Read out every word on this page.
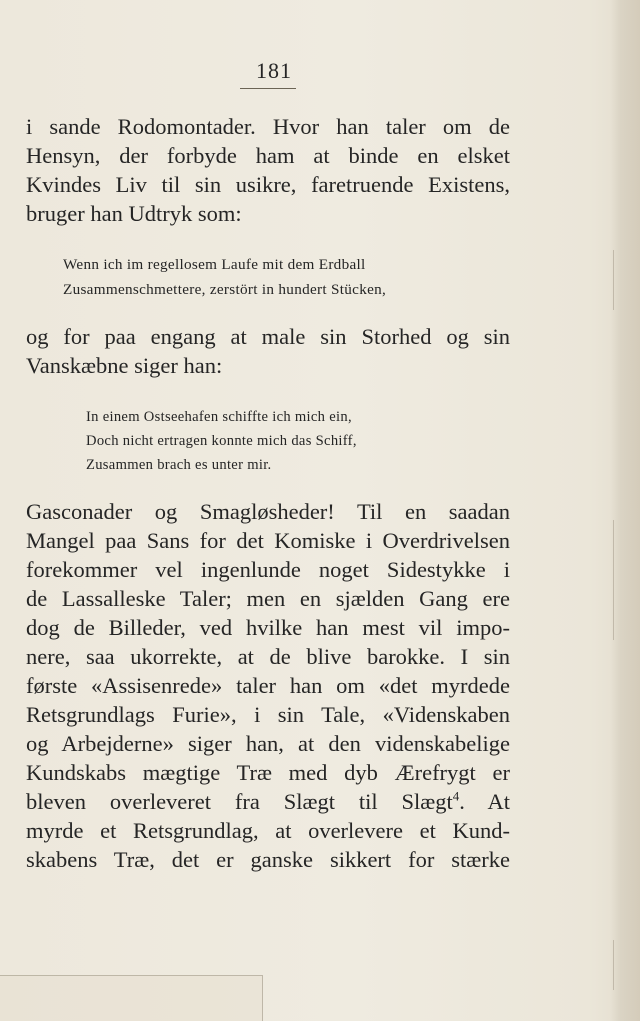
181

i sande Rodomontader. Hvor han taler om de

Hensyn, der forbyde ham at binde en elsket

Kvindes Liv til sin usikre, faretruende Existens,

bruger han Udtryk som:

Wenn ich im regellosem Laufe mit dem Erdball

Zusammenschmettere, zerstört in hundert Stücken,

og for paa engang at male sin Storhed og sin

Vanskæbne siger han:

In einem Ostseehafen schiffte ich mich ein,

Doch nicht ertragen konnte mich das Schiff,

Zusammen brach es unter mir.

Gasconader og Smagløsheder! Til en saadan

Mangel paa Sans for det Komiske i Overdrivelsen

forekommer vel ingenlunde noget Sidestykke i

de Lassalleske Taler; men en sjælden Gang ere

dog de Billeder, ved hvilke han mest vil impo-

nere, saa ukorrekte, at de blive barokke. I sin

første «Assisenrede» taler han om «det myrdede

Retsgrundlags Furie», i sin Tale, «Videnskaben

og Arbejderne» siger han, at den videnskabelige

Kundskabs mægtige Træ med dyb Ærefrygt er

bleven overleveret fra Slægt til Slægt$^4$. At

myrde et Retsgrundlag, at overlevere et Kund-

skabens Træ, det er ganske sikkert for stærke
